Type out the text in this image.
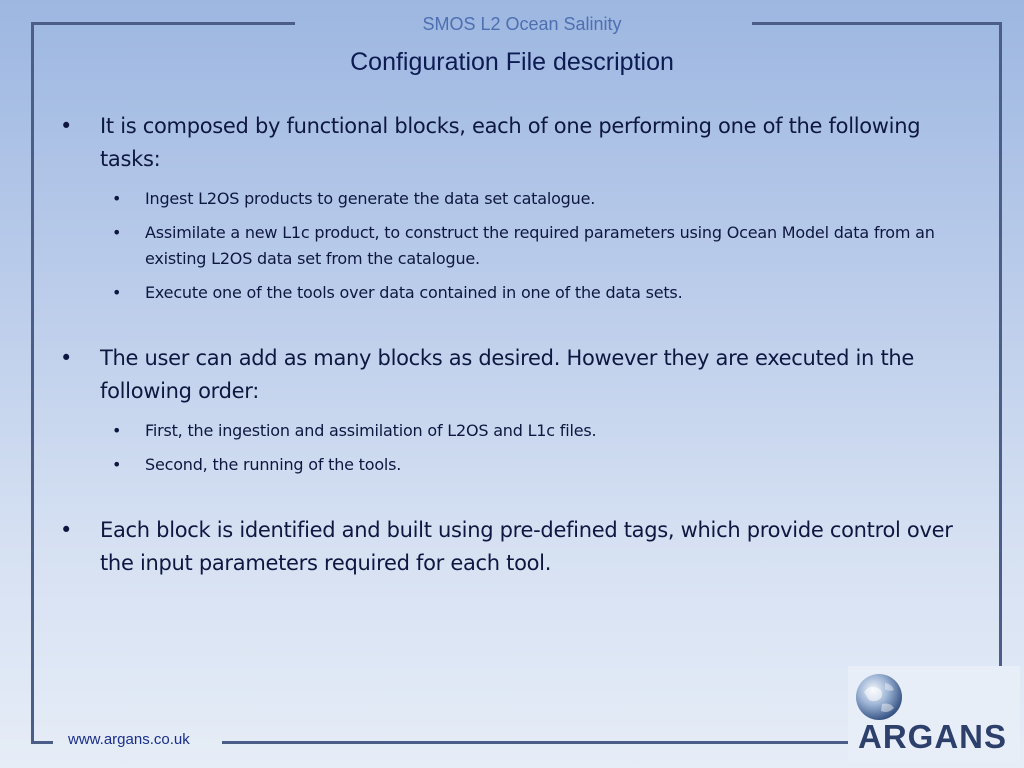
SMOS L2 Ocean Salinity
Configuration File description
• It is composed by functional blocks, each of one performing one of the following tasks:
• Ingest L2OS products to generate the data set catalogue.
• Assimilate a new L1c product, to construct the required parameters using Ocean Model data from an existing L2OS data set from the catalogue.
• Execute one of the tools over data contained in one of the data sets.
• The user can add as many blocks as desired. However they are executed in the following order:
• First, the ingestion and assimilation of L2OS and L1c files.
• Second, the running of the tools.
• Each block is identified and built using pre-defined tags, which provide control over the input parameters required for each tool.
www.argans.co.uk	ARGANS
